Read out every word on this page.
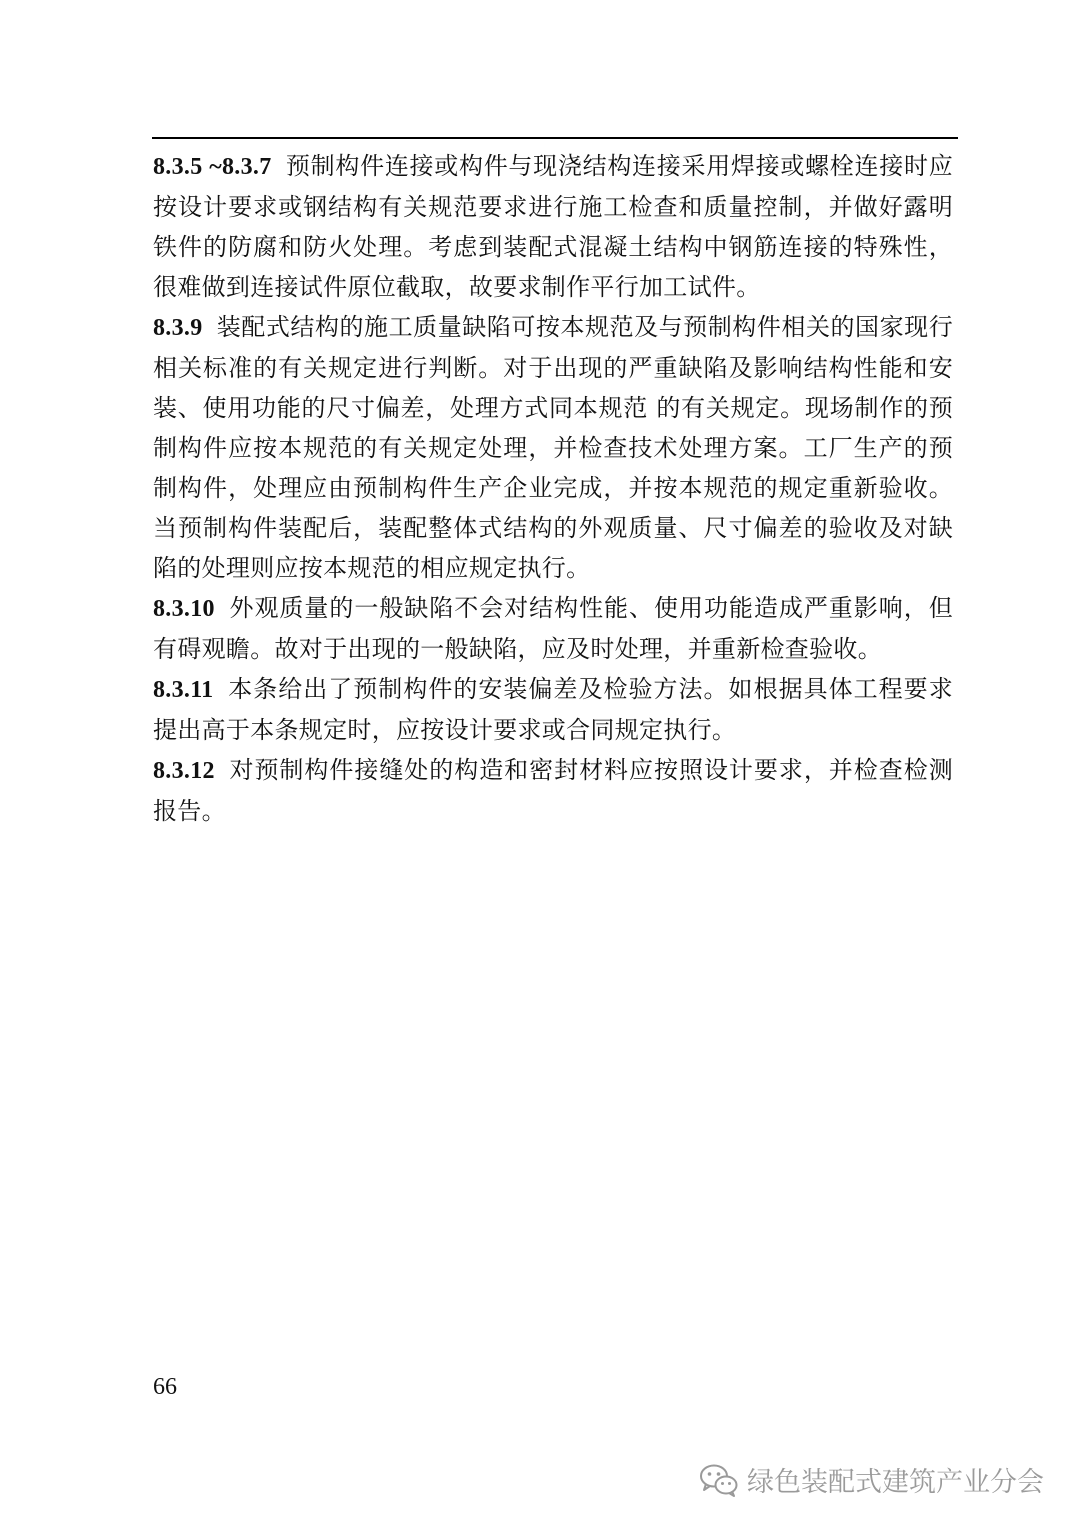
8.3.5 ~8.3.7 预制构件连接或构件与现浇结构连接采用焊接或螺栓连接时应按设计要求或钢结构有关规范要求进行施工检查和质量控制，并做好露明铁件的防腐和防火处理。考虑到装配式混凝土结构中钢筋连接的特殊性，很难做到连接试件原位截取，故要求制作平行加工试件。

8.3.9 装配式结构的施工质量缺陷可按本规范及与预制构件相关的国家现行相关标准的有关规定进行判断。对于出现的严重缺陷及影响结构性能和安装、使用功能的尺寸偏差，处理方式同本规范 的有关规定。现场制作的预制构件应按本规范的有关规定处理，并检查技术处理方案。工厂生产的预制构件，处理应由预制构件生产企业完成，并按本规范的规定重新验收。当预制构件装配后，装配整体式结构的外观质量、尺寸偏差的验收及对缺陷的处理则应按本规范的相应规定执行。

8.3.10 外观质量的一般缺陷不会对结构性能、使用功能造成严重影响，但有碍观瞻。故对于出现的一般缺陷，应及时处理，并重新检查验收。

8.3.11 本条给出了预制构件的安装偏差及检验方法。如根据具体工程要求提出高于本条规定时，应按设计要求或合同规定执行。

8.3.12 对预制构件接缝处的构造和密封材料应按照设计要求，并检查检测报告。

66
绿色装配式建筑产业分会
